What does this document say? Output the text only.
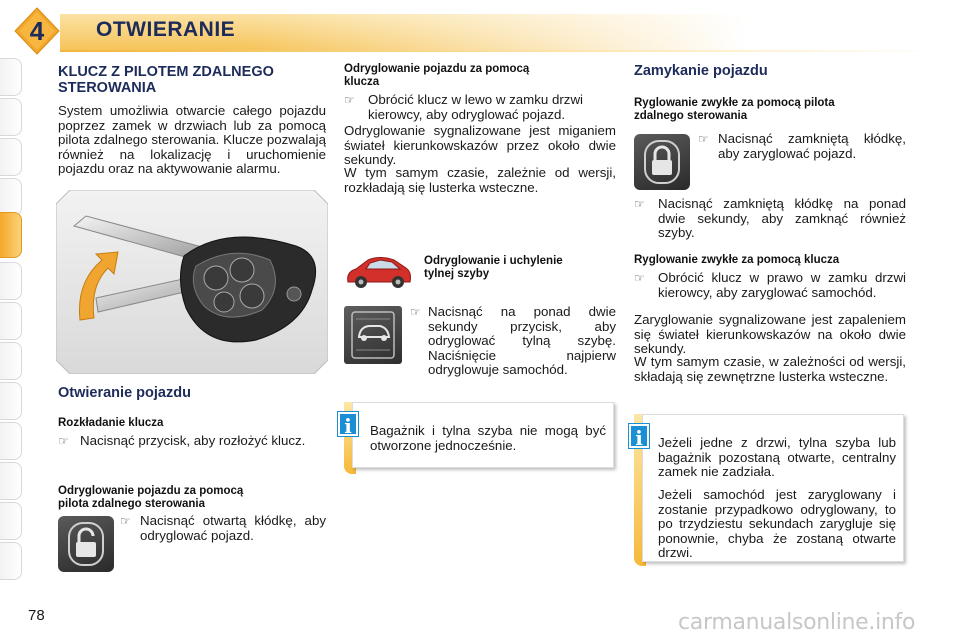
4 OTWIERANIE
KLUCZ Z PILOTEM ZDALNEGO
STEROWANIA
System umożliwia otwarcie całego pojazdu poprzez zamek w drzwiach lub za pomocą pilota zdalnego sterowania. Klucze pozwalają również na lokalizację i uruchomienie pojazdu oraz na aktywowanie alarmu.
Otwieranie pojazdu
Rozkładanie klucza
☞ Nacisnąć przycisk, aby rozłożyć klucz.
Odryglowanie pojazdu za pomocą
pilota zdalnego sterowania
☞ Nacisnąć otwartą kłódkę, aby odryglować pojazd.
Odryglowanie pojazdu za pomocą
klucza
☞ Obrócić klucz w lewo w zamku drzwi kierowcy, aby odryglować pojazd.
Odryglowanie sygnalizowane jest miganiem świateł kierunkowskazów przez około dwie sekundy.
W tym samym czasie, zależnie od wersji, rozkładają się lusterka wsteczne.
Odryglowanie i uchylenie
tylnej szyby
☞ Nacisnąć na ponad dwie sekundy przycisk, aby odryglować tylną szybę. Naciśnięcie najpierw odryglowuje samochód.
i	Bagażnik i tylna szyba nie mogą być otworzone jednocześnie.
Zamykanie pojazdu
Ryglowanie zwykłe za pomocą pilota
zdalnego sterowania
☞ Nacisnąć zamkniętą kłódkę, aby zaryglować pojazd.
☞ Nacisnąć zamkniętą kłódkę na ponad dwie sekundy, aby zamknąć również szyby.
Ryglowanie zwykłe za pomocą klucza
☞ Obrócić klucz w prawo w zamku drzwi kierowcy, aby zaryglować samochód.
Zaryglowanie sygnalizowane jest zapaleniem się świateł kierunkowskazów na około dwie sekundy.
W tym samym czasie, w zależności od wersji, składają się zewnętrzne lusterka wsteczne.
i	Jeżeli jedne z drzwi, tylna szyba lub bagażnik pozostaną otwarte, centralny zamek nie zadziała.
Jeżeli samochód jest zaryglowany i zostanie przypadkowo odryglowany, to po trzydziestu sekundach zarygluje się ponownie, chyba że zostaną otwarte drzwi.
78	carmanualsonline.info
